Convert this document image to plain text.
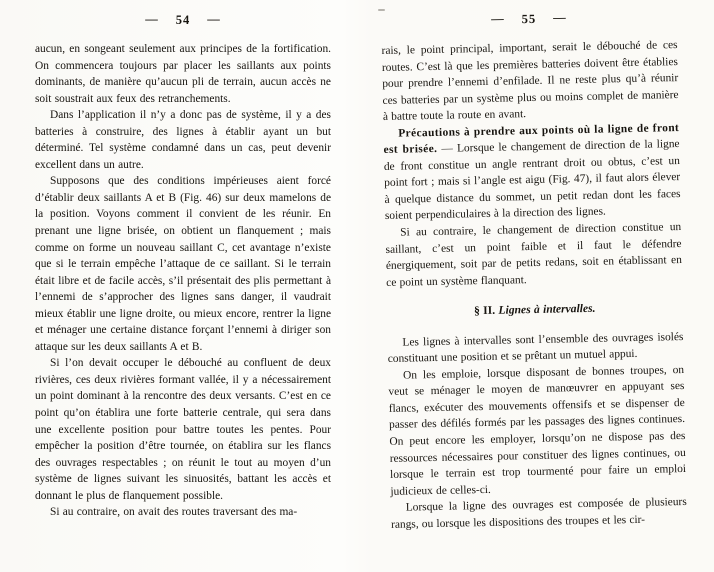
— 54 —

aucun, en songeant seulement aux principes de la fortification. On commencera toujours par placer les saillants aux points dominants, de manière qu’aucun pli de terrain, aucun accès ne soit soustrait aux feux des retranchements.

Dans l’application il n’y a donc pas de système, il y a des batteries à construire, des lignes à établir ayant un but déterminé. Tel système condamné dans un cas, peut devenir excellent dans un autre.

Supposons que des conditions impérieuses aient forcé d’établir deux saillants A et B (Fig. 46) sur deux mamelons de la position. Voyons comment il convient de les réunir. En prenant une ligne brisée, on obtient un flanquement ; mais comme on forme un nouveau saillant C, cet avantage n’existe que si le terrain empêche l’attaque de ce saillant. Si le terrain était libre et de facile accès, s’il présentait des plis permettant à l’ennemi de s’approcher des lignes sans danger, il vaudrait mieux établir une ligne droite, ou mieux encore, rentrer la ligne et ménager une certaine distance forçant l’ennemi à diriger son attaque sur les deux saillants A et B.

Si l’on devait occuper le débouché au confluent de deux rivières, ces deux rivières formant vallée, il y a nécessairement un point dominant à la rencontre des deux versants. C’est en ce point qu’on établira une forte batterie centrale, qui sera dans une excellente position pour battre toutes les pentes. Pour empêcher la position d’être tournée, on établira sur les flancs des ouvrages respectables ; on réunit le tout au moyen d’un système de lignes suivant les sinuosités, battant les accès et donnant le plus de flanquement possible.

Si au contraire, on avait des routes traversant des ma-

— 55 —

rais, le point principal, important, serait le débouché de ces routes. C’est là que les premières batteries doivent être établies pour prendre l’ennemi d’enfilade. Il ne reste plus qu’à réunir ces batteries par un système plus ou moins complet de manière à battre toute la route en avant.

Précautions à prendre aux points où la ligne de front est brisée. — Lorsque le changement de direction de la ligne de front constitue un angle rentrant droit ou obtus, c’est un point fort ; mais si l’angle est aigu (Fig. 47), il faut alors élever à quelque distance du sommet, un petit redan dont les faces soient perpendiculaires à la direction des lignes.

Si au contraire, le changement de direction constitue un saillant, c’est un point faible et il faut le défendre énergiquement, soit par de petits redans, soit en établissant en ce point un système flanquant.

§ II. Lignes à intervalles.

Les lignes à intervalles sont l’ensemble des ouvrages isolés constituant une position et se prêtant un mutuel appui.

On les emploie, lorsque disposant de bonnes troupes, on veut se ménager le moyen de manœuvrer en appuyant ses flancs, exécuter des mouvements offensifs et se dispenser de passer des défilés formés par les passages des lignes continues. On peut encore les employer, lorsqu’on ne dispose pas des ressources nécessaires pour constituer des lignes continues, ou lorsque le terrain est trop tourmenté pour faire un emploi judicieux de celles-ci.

Lorsque la ligne des ouvrages est composée de plusieurs rangs, ou lorsque les dispositions des troupes et les cir-
